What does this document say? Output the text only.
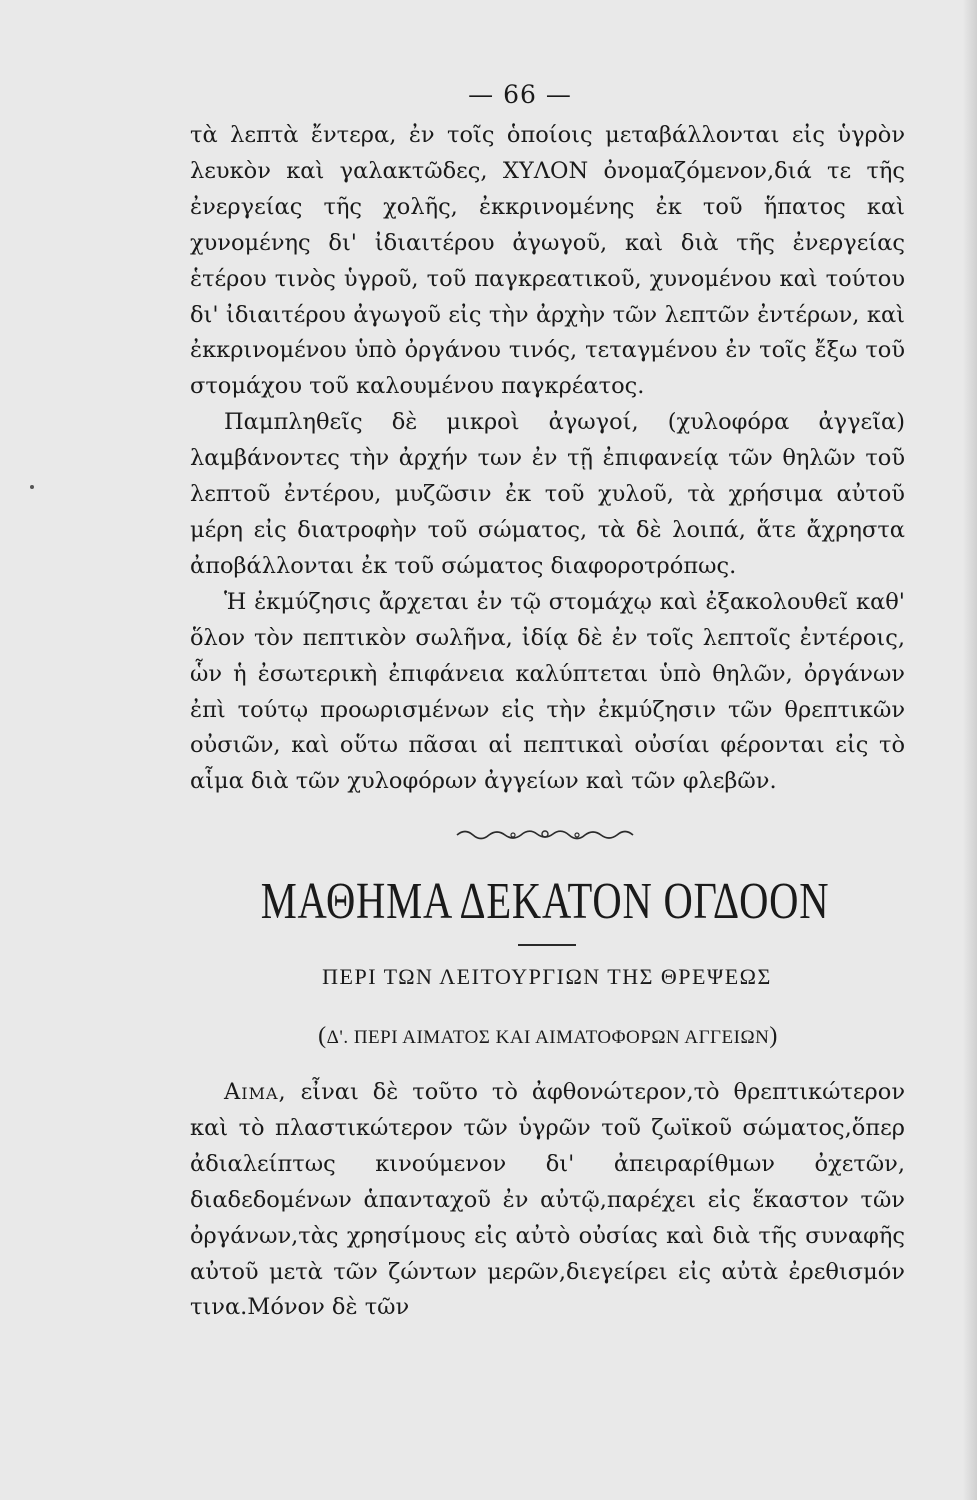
— 66 —

τὰ λεπτὰ ἔντερα, ἐν τοῖς ὁποίοις μεταβάλλονται εἰς ὑγρὸν λευκὸν καὶ γαλακτῶδες, ΧΥΛΟΝ ὀνομαζόμενον,διά τε τῆς ἐνεργείας τῆς χολῆς, ἐκκρινομένης ἐκ τοῦ ἥπατος καὶ χυνομένης δι' ἰδιαιτέρου ἀγωγοῦ, καὶ διὰ τῆς ἐνεργείας ἑτέρου τινὸς ὑγροῦ, τοῦ παγκρεατικοῦ, χυνομένου καὶ τούτου δι' ἰδιαιτέρου ἀγωγοῦ εἰς τὴν ἀρχὴν τῶν λεπτῶν ἐντέρων, καὶ ἐκκρινομένου ὑπὸ ὀργάνου τινός, τεταγμένου ἐν τοῖς ἔξω τοῦ στομάχου τοῦ καλουμένου παγκρέατος.

Παμπληθεῖς δὲ μικροὶ ἀγωγοί, (χυλοφόρα ἀγγεῖα) λαμβάνοντες τὴν ἀρχήν των ἐν τῇ ἐπιφανείᾳ τῶν θηλῶν τοῦ λεπτοῦ ἐντέρου, μυζῶσιν ἐκ τοῦ χυλοῦ, τὰ χρήσιμα αὐτοῦ μέρη εἰς διατροφὴν τοῦ σώματος, τὰ δὲ λοιπά, ἅτε ἄχρηστα ἀποβάλλονται ἐκ τοῦ σώματος διαφοροτρόπως.

Ἡ ἐκμύζησις ἄρχεται ἐν τῷ στομάχῳ καὶ ἐξακολουθεῖ καθ' ὅλον τὸν πεπτικὸν σωλῆνα, ἰδίᾳ δὲ ἐν τοῖς λεπτοῖς ἐντέροις, ὧν ἡ ἐσωτερικὴ ἐπιφάνεια καλύπτεται ὑπὸ θηλῶν, ὀργάνων ἐπὶ τούτῳ προωρισμένων εἰς τὴν ἐκμύζησιν τῶν θρεπτικῶν οὐσιῶν, καὶ οὕτω πᾶσαι αἱ πεπτικαὶ οὐσίαι φέρονται εἰς τὸ αἷμα διὰ τῶν χυλοφόρων ἀγγείων καὶ τῶν φλεβῶν.

ΜΑΘΗΜΑ ΔΕΚΑΤΟΝ ΟΓΔΟΟΝ
ΠΕΡΙ ΤΩΝ ΛΕΙΤΟΥΡΓΙΩΝ ΤΗΣ ΘΡΕΨΕΩΣ
(Δ'. ΠΕΡΙ ΑΙΜΑΤΟΣ ΚΑΙ ΑΙΜΑΤΟΦΟΡΩΝ ΑΓΓΕΙΩΝ)

Αιμα, εἶναι δὲ τοῦτο τὸ ἀφθονώτερον,τὸ θρεπτικώτερον καὶ τὸ πλαστικώτερον τῶν ὑγρῶν τοῦ ζωϊκοῦ σώματος,ὅπερ ἀδιαλείπτως κινούμενον δι' ἀπειραρίθμων ὀχετῶν, διαδεδομένων ἁπανταχοῦ ἐν αὐτῷ,παρέχει εἰς ἕκαστον τῶν ὀργάνων,τὰς χρησίμους εἰς αὐτὸ οὐσίας καὶ διὰ τῆς συναφῆς αὐτοῦ μετὰ τῶν ζώντων μερῶν,διεγείρει εἰς αὐτὰ ἐρεθισμόν τινα.Μόνον δὲ τῶν
